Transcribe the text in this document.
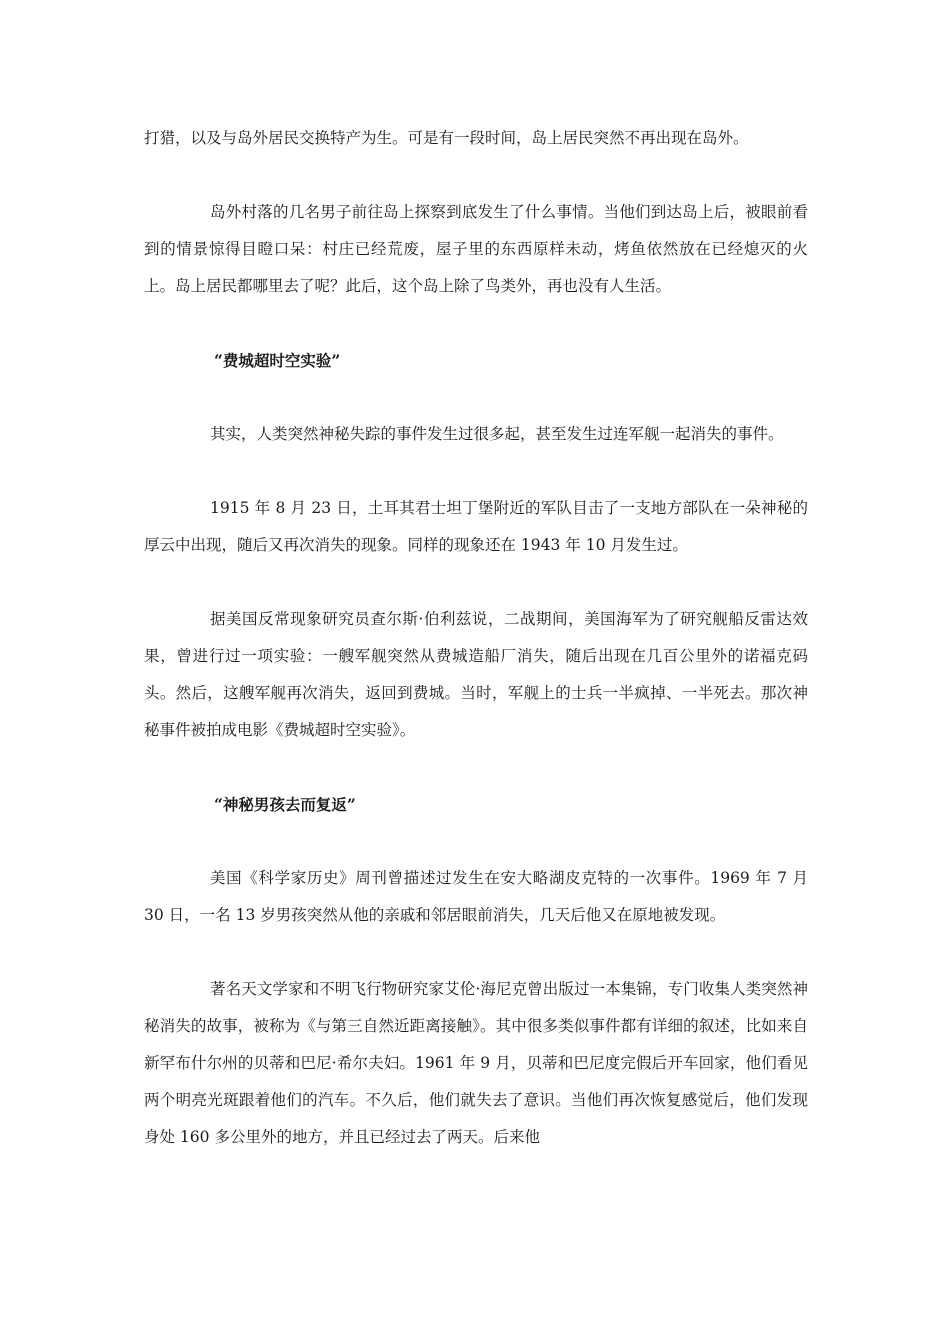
打猎，以及与岛外居民交换特产为生。可是有一段时间，岛上居民突然不再出现在岛外。

岛外村落的几名男子前往岛上探察到底发生了什么事情。当他们到达岛上后，被眼前看到的情景惊得目瞪口呆：村庄已经荒废，屋子里的东西原样未动，烤鱼依然放在已经熄灭的火上。岛上居民都哪里去了呢？此后，这个岛上除了鸟类外，再也没有人生活。

“费城超时空实验”

其实，人类突然神秘失踪的事件发生过很多起，甚至发生过连军舰一起消失的事件。

1915 年 8 月 23 日，土耳其君士坦丁堡附近的军队目击了一支地方部队在一朵神秘的厚云中出现，随后又再次消失的现象。同样的现象还在 1943 年 10 月发生过。

据美国反常现象研究员查尔斯·伯利兹说，二战期间，美国海军为了研究舰船反雷达效果，曾进行过一项实验：一艘军舰突然从费城造船厂消失，随后出现在几百公里外的诺福克码头。然后，这艘军舰再次消失，返回到费城。当时，军舰上的士兵一半疯掉、一半死去。那次神秘事件被拍成电影《费城超时空实验》。

“神秘男孩去而复返”

美国《科学家历史》周刊曾描述过发生在安大略湖皮克特的一次事件。1969 年 7 月 30 日，一名 13 岁男孩突然从他的亲戚和邻居眼前消失，几天后他又在原地被发现。

著名天文学家和不明飞行物研究家艾伦·海尼克曾出版过一本集锦，专门收集人类突然神秘消失的故事，被称为《与第三自然近距离接触》。其中很多类似事件都有详细的叙述，比如来自新罕布什尔州的贝蒂和巴尼·希尔夫妇。1961 年 9 月，贝蒂和巴尼度完假后开车回家，他们看见两个明亮光斑跟着他们的汽车。不久后，他们就失去了意识。当他们再次恢复感觉后，他们发现身处 160 多公里外的地方，并且已经过去了两天。后来他
